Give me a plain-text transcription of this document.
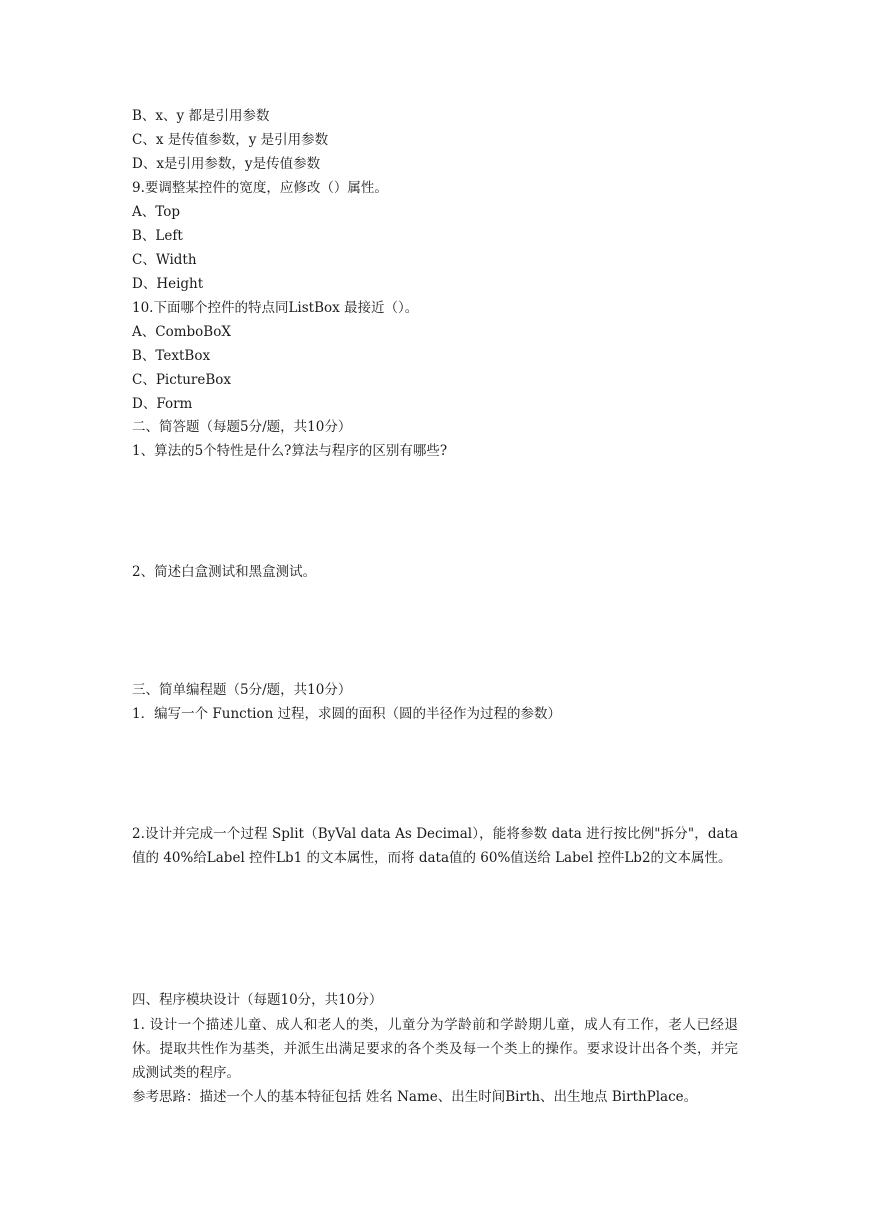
B、x、y 都是引用参数
C、x 是传值参数，y 是引用参数
D、x是引用参数，y是传值参数
9.要调整某控件的宽度，应修改（）属性。
A、Top
B、Left
C、Width
D、Height
10.下面哪个控件的特点同ListBox 最接近（）。
A、ComboBoX
B、TextBox
C、PictureBox
D、Form
二、简答题（每题5分/题，共10分）
1、算法的5个特性是什么?算法与程序的区别有哪些?
2、简述白盒测试和黑盒测试。
三、简单编程题（5分/题，共10分）
1．编写一个 Function 过程，求圆的面积（圆的半径作为过程的参数）
2.设计并完成一个过程 Split（ByVal data As Decimal），能将参数 data 进行按比例"拆分"，data 值的 40%给Label 控件Lb1 的文本属性，而将 data值的 60%值送给 Label 控件Lb2的文本属性。
四、程序模块设计（每题10分，共10分）
1. 设计一个描述儿童、成人和老人的类，儿童分为学龄前和学龄期儿童，成人有工作，老人已经退休。提取共性作为基类，并派生出满足要求的各个类及每一个类上的操作。要求设计出各个类，并完成测试类的程序。
参考思路：描述一个人的基本特征包括 姓名 Name、出生时间Birth、出生地点 BirthPlace。
